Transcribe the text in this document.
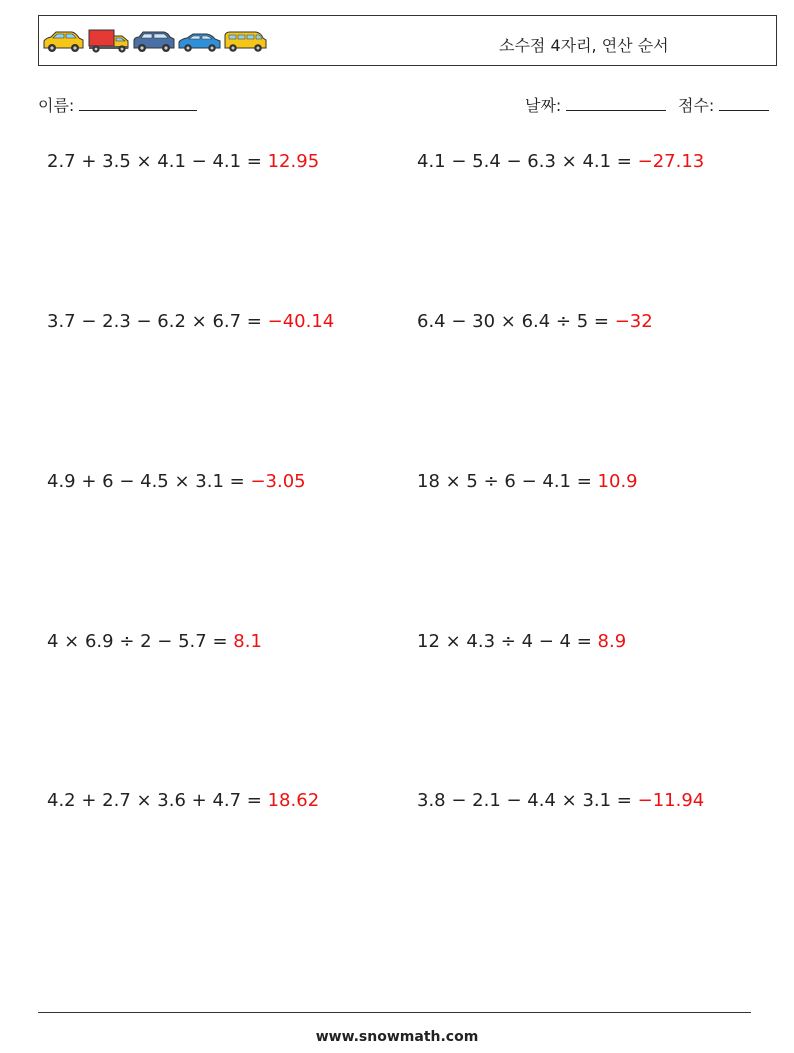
소수점 4자리, 연산 순서
이름:	날짜:	점수:
2.7 + 3.5 × 4.1 − 4.1 = 12.95	4.1 − 5.4 − 6.3 × 4.1 = −27.13
3.7 − 2.3 − 6.2 × 6.7 = −40.14	6.4 − 30 × 6.4 ÷ 5 = −32
4.9 + 6 − 4.5 × 3.1 = −3.05	18 × 5 ÷ 6 − 4.1 = 10.9
4 × 6.9 ÷ 2 − 5.7 = 8.1	12 × 4.3 ÷ 4 − 4 = 8.9
4.2 + 2.7 × 3.6 + 4.7 = 18.62	3.8 − 2.1 − 4.4 × 3.1 = −11.94
www.snowmath.com
